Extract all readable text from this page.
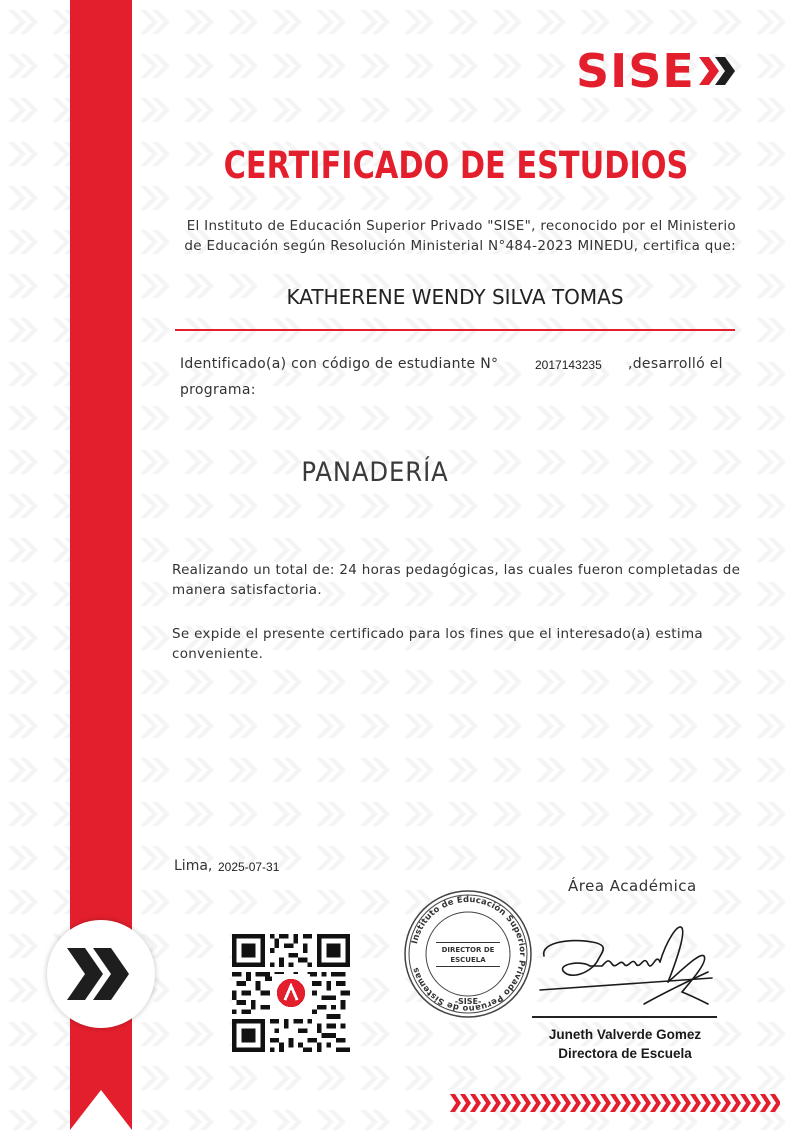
SISE
CERTIFICADO DE ESTUDIOS
El Instituto de Educación Superior Privado "SISE", reconocido por el Ministerio
de Educación según Resolución Ministerial N°484-2023 MINEDU, certifica que:
KATHERENE WENDY SILVA TOMAS
Identificado(a) con código de estudiante N°	2017143235 ,desarrolló el
programa:
PANADERÍA
Realizando un total de: 24 horas pedagógicas, las cuales fueron completadas de
manera satisfactoria.
Se expide el presente certificado para los fines que el interesado(a) estima
conveniente.
Lima, 2025-07-31
Área Académica
Instituto de Educación Superior Privado Peruano de Sistemas
DIRECTOR DE
ESCUELA
-SISE-
Juneth Valverde Gomez
Directora de Escuela
